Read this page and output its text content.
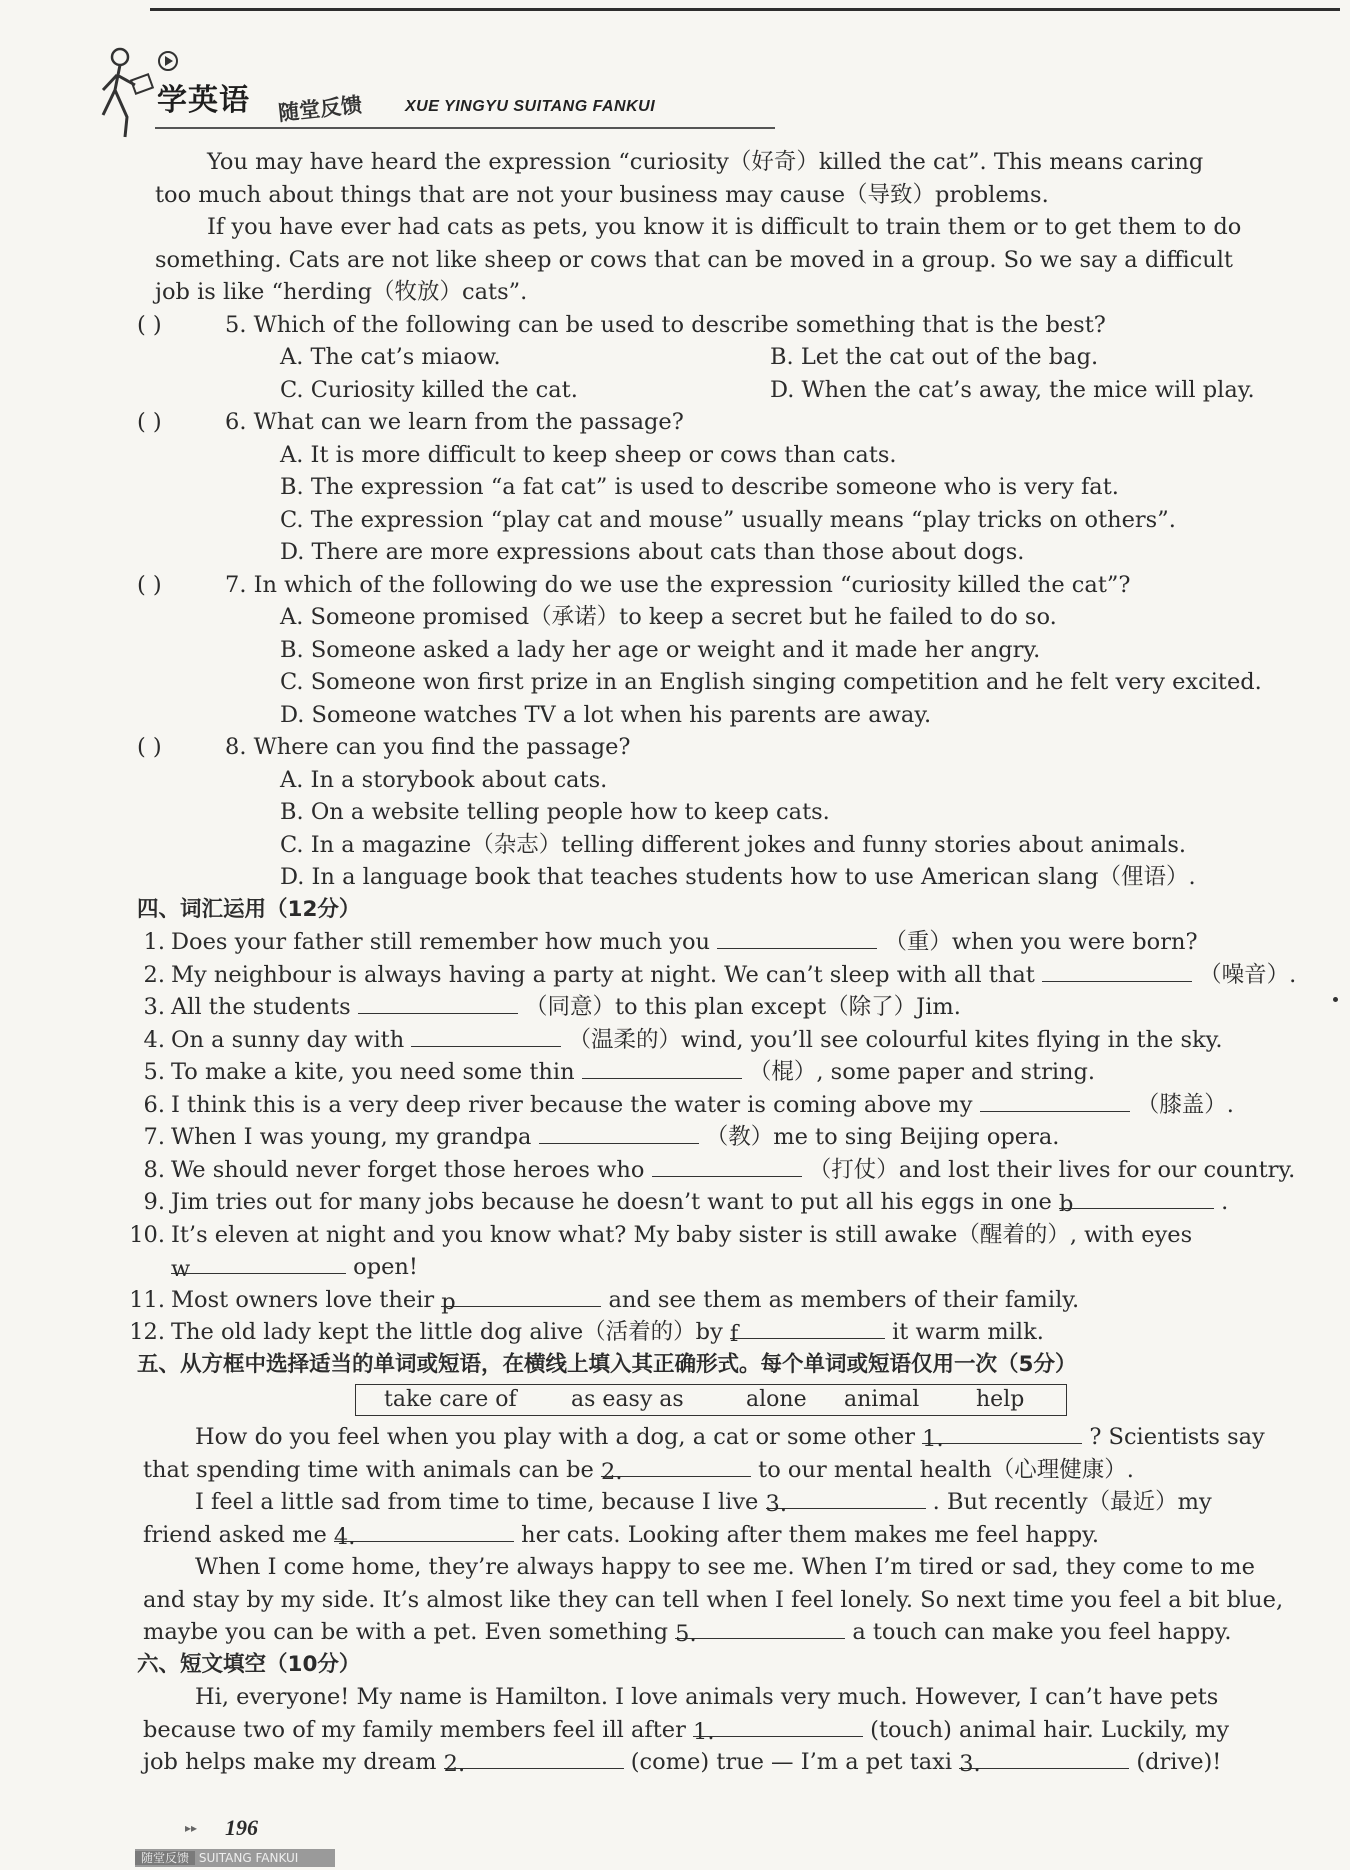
学英语 随堂反馈	XUE YINGYU SUITANG FANKUI
You may have heard the expression “curiosity（好奇）killed the cat”. This means caring
too much about things that are not your business may cause（导致）problems.
If you have ever had cats as pets, you know it is difficult to train them or to get them to do
something. Cats are not like sheep or cows that can be moved in a group. So we say a difficult
job is like “herding（牧放）cats”.
( )	5. Which of the following can be used to describe something that is the best?
A. The cat’s miaow.	B. Let the cat out of the bag.
C. Curiosity killed the cat.	D. When the cat’s away, the mice will play.
( )	6. What can we learn from the passage?
A. It is more difficult to keep sheep or cows than cats.
B. The expression “a fat cat” is used to describe someone who is very fat.
C. The expression “play cat and mouse” usually means “play tricks on others”.
D. There are more expressions about cats than those about dogs.
( )	7. In which of the following do we use the expression “curiosity killed the cat”?
A. Someone promised（承诺）to keep a secret but he failed to do so.
B. Someone asked a lady her age or weight and it made her angry.
C. Someone won first prize in an English singing competition and he felt very excited.
D. Someone watches TV a lot when his parents are away.
( )	8. Where can you find the passage?
A. In a storybook about cats.
B. On a website telling people how to keep cats.
C. In a magazine（杂志）telling different jokes and funny stories about animals.
D. In a language book that teaches students how to use American slang（俚语）.
四、词汇运用（12分）
1. Does your father still remember how much you	（重）when you were born?
2. My neighbour is always having a party at night. We can’t sleep with all that	（噪音）.
3. All the students	（同意）to this plan except（除了）Jim.
4. On a sunny day with	（温柔的）wind, you’ll see colourful kites flying in the sky.
5. To make a kite, you need some thin	（棍）, some paper and string.
6. I think this is a very deep river because the water is coming above my	（膝盖）.
7. When I was young, my grandpa	（教）me to sing Beijing opera.
8. We should never forget those heroes who	（打仗）and lost their lives for our country.
9. Jim tries out for many jobs because he doesn’t want to put all his eggs in one b	.
10. It’s eleven at night and you know what? My baby sister is still awake（醒着的）, with eyes
w	open!
11. Most owners love their p	and see them as members of their family.
12. The old lady kept the little dog alive（活着的）by f	it warm milk.
五、从方框中选择适当的单词或短语，在横线上填入其正确形式。每个单词或短语仅用一次（5分）
take care of as easy as	alone animal	help
How do you feel when you play with a dog, a cat or some other 1.	? Scientists say
that spending time with animals can be 2.	to our mental health（心理健康）.
I feel a little sad from time to time, because I live 3.	. But recently（最近）my
friend asked me 4.	her cats. Looking after them makes me feel happy.
When I come home, they’re always happy to see me. When I’m tired or sad, they come to me
and stay by my side. It’s almost like they can tell when I feel lonely. So next time you feel a bit blue,
maybe you can be with a pet. Even something 5.	a touch can make you feel happy.
六、短文填空（10分）
Hi, everyone! My name is Hamilton. I love animals very much. However, I can’t have pets
because two of my family members feel ill after 1.	(touch) animal hair. Luckily, my
job helps make my dream 2.	(come) true — I’m a pet taxi 3.	(drive)!
▸▸ 196
随堂反馈 SUITANG FANKUI
